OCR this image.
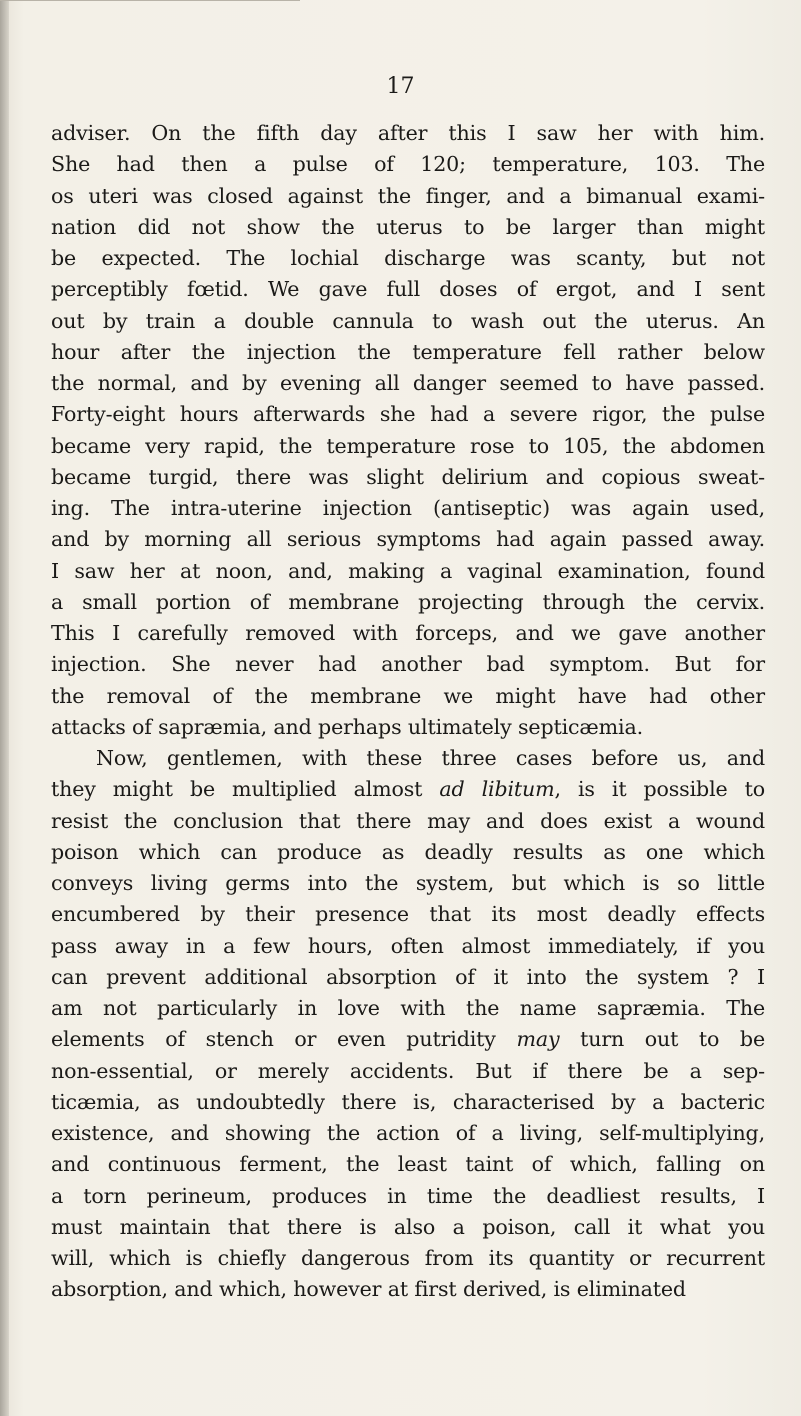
17
adviser. On the fifth day after this I saw her with him.
She had then a pulse of 120; temperature, 103. The
os uteri was closed against the finger, and a bimanual exami-
nation did not show the uterus to be larger than might
be expected. The lochial discharge was scanty, but not
perceptibly fœtid. We gave full doses of ergot, and I sent
out by train a double cannula to wash out the uterus. An
hour after the injection the temperature fell rather below
the normal, and by evening all danger seemed to have passed.
Forty-eight hours afterwards she had a severe rigor, the pulse
became very rapid, the temperature rose to 105, the abdomen
became turgid, there was slight delirium and copious sweat-
ing. The intra-uterine injection (antiseptic) was again used,
and by morning all serious symptoms had again passed away.
I saw her at noon, and, making a vaginal examination, found
a small portion of membrane projecting through the cervix.
This I carefully removed with forceps, and we gave another
injection. She never had another bad symptom. But for
the removal of the membrane we might have had other
attacks of sapræmia, and perhaps ultimately septicæmia.
Now, gentlemen, with these three cases before us, and
they might be multiplied almost ad libitum, is it possible to
resist the conclusion that there may and does exist a wound
poison which can produce as deadly results as one which
conveys living germs into the system, but which is so little
encumbered by their presence that its most deadly effects
pass away in a few hours, often almost immediately, if you
can prevent additional absorption of it into the system ? I
am not particularly in love with the name sapræmia. The
elements of stench or even putridity may turn out to be
non-essential, or merely accidents. But if there be a sep-
ticæmia, as undoubtedly there is, characterised by a bacteric
existence, and showing the action of a living, self-multiplying,
and continuous ferment, the least taint of which, falling on
a torn perineum, produces in time the deadliest results, I
must maintain that there is also a poison, call it what you
will, which is chiefly dangerous from its quantity or recurrent
absorption, and which, however at first derived, is eliminated
